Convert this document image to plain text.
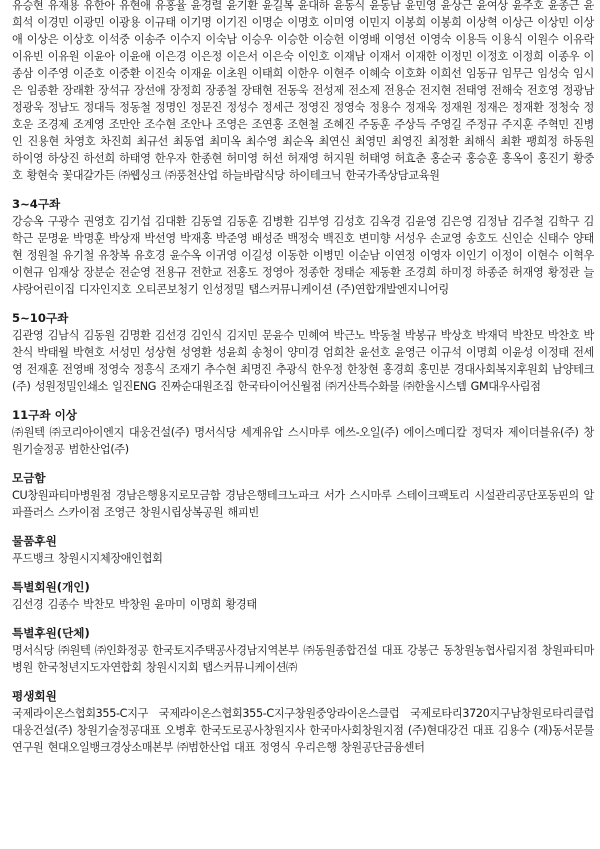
유승현 유재용 유한아 유현애 유홍율 윤경렬 윤기환 윤길복 윤대하 윤동식 윤동남 윤민영 윤상근 윤여상 윤주호 윤종근 윤희석 이경민 이광민 이광용 이규태 이기명 이기진 이명순 이명호 이미영 이민지 이봉희 이봉희 이상혁 이상근 이상민 이상애 이상은 이상호 이석중 이송주 이수지 이숙남 이승우 이승한 이승헌 이영배 이영선 이영숙 이용득 이용식 이원수 이유락 이유빈 이유원 이윤아 이윤애 이은경 이은정 이은서 이은숙 이인호 이재남 이재서 이재한 이정민 이정호 이정희 이종우 이종삼 이주영 이준호 이중환 이진숙 이재윤 이초원 이태희 이한우 이현주 이혜숙 이호화 이희선 임동규 임무근 임성숙 임시은 임종환 장래환 장석규 장선애 장정희 장종철 장태현 전동욱 전성제 전소제 전용순 전지현 전태영 전해숙 전호영 정광남 정광욱 정남도 정대득 정동철 정명인 정문진 정성수 정세근 정영진 정영숙 정용수 정재욱 정재원 정재은 정재환 정청숙 정호운 조경제 조계영 조만안 조수현 조안나 조영은 조연홍 조현철 조혜진 주동훈 주상득 주영길 주정규 주지훈 주혁민 진병인 진용현 차영호 차진희 최규선 최동엽 최미옥 최수영 최순옥 최연신 최영민 최영진 최정환 최해식 최환 팽희정 하동원 하이영 하상진 하선희 하태영 한우자 한종현 허미영 허선 허재영 허지원 허태영 허효춘 홍순국 홍승훈 홍옥이 홍진기 황중호 황현숙 꽃대갈가든 ㈜웹싱크 ㈜풍천산업 하늘바람식당 하이테크닉 한국가족상담교육원

3~4구좌

강승옥 구광수 권영호 김기섭 김대환 김동열 김동훈 김병환 김부영 김성호 김옥경 김윤영 김은영 김정남 김주철 김학구 김학근 문명윤 박명훈 박상재 박선영 박재홍 박준영 배성준 백정숙 백진호 변미향 서성우 손교영 송호도 신인순 신태수 양태현 정원철 유기철 유창복 유호경 윤수옥 이귀영 이길성 이동한 이병민 이순남 이연정 이영자 이인기 이정이 이현수 이혁우 이현규 임재상 장분순 전순영 전용규 전한교 전홍도 정영아 정종한 정태순 제동환 조경희 하미정 하종준 허재영 황정관 늘샤랑어린이집 디자인지호 오티콘보청기 인성정밀 탭스커뮤니케이션 (주)연합개발엔지니어링

5~10구좌

김관영 김남식 김동원 김명환 김선경 김인식 김지민 문윤수 민혜여 박근노 박동철 박봉규 박상호 박재덕 박찬모 박찬호 박찬식 박태월 박현호 서성민 성상현 성영환 성윤희 송청이 양미경 엄희찬 윤선호 윤영근 이규석 이명희 이윤성 이정태 전세영 전재훈 전영배 정영숙 정흥식 조재기 추수현 최명진 추광식 한우정 한창현 홍경희 홍민분 경대사회복지후원회 남양테크 (주) 성원정밀인쇄소 일진ENG 진짜순대원조집 한국타이어신월점 ㈜거산특수화물 ㈜한울시스템 GM대우사림점

11구좌 이상

㈜원텍 ㈜코리아이엔지 대웅건설(주) 명서식당 세계유압 스시마루 에쓰-오일(주) 에이스메디칼 정덕자 제이더블유(주) 창원기술정공 범한산업(주)

모금함

CU창원파티마병원점 경남은행용지로모금함 경남은행테크노파크 서가 스시마루 스테이크팩토리 시설관리공단포동핀의 알파플러스 스카이점 조영근 창원시립상복공원 해피빈

물품후원

푸드뱅크 창원시지체장애인협회

특별회원(개인)

김선경 김종수 박찬모 박창원 윤마미 이명희 황경태

특별후원(단체)

명서식당 ㈜원텍 ㈜인화정공 한국토지주택공사경남지역본부 ㈜동원종합건설 대표 강봉근 동창원농협사림지점 창원파티마병원 한국청년지도자연합회 창원시지회 탭스커뮤니케이션㈜

평생회원

국제라이온스협회355-C지구 국제라이온스협회355-C지구창원중앙라이온스클럽 국제로타리3720지구남창원로타리클럽 대웅건설(주) 창원기술정공대표 오병후 한국도로공사창원지사 한국마사회창원지점 (주)현대강건 대표 김용수 (재)동서문물연구원 현대오일뱅크경상소매본부 ㈜범한산업 대표 정영식 우리은행 창원공단금융센터
